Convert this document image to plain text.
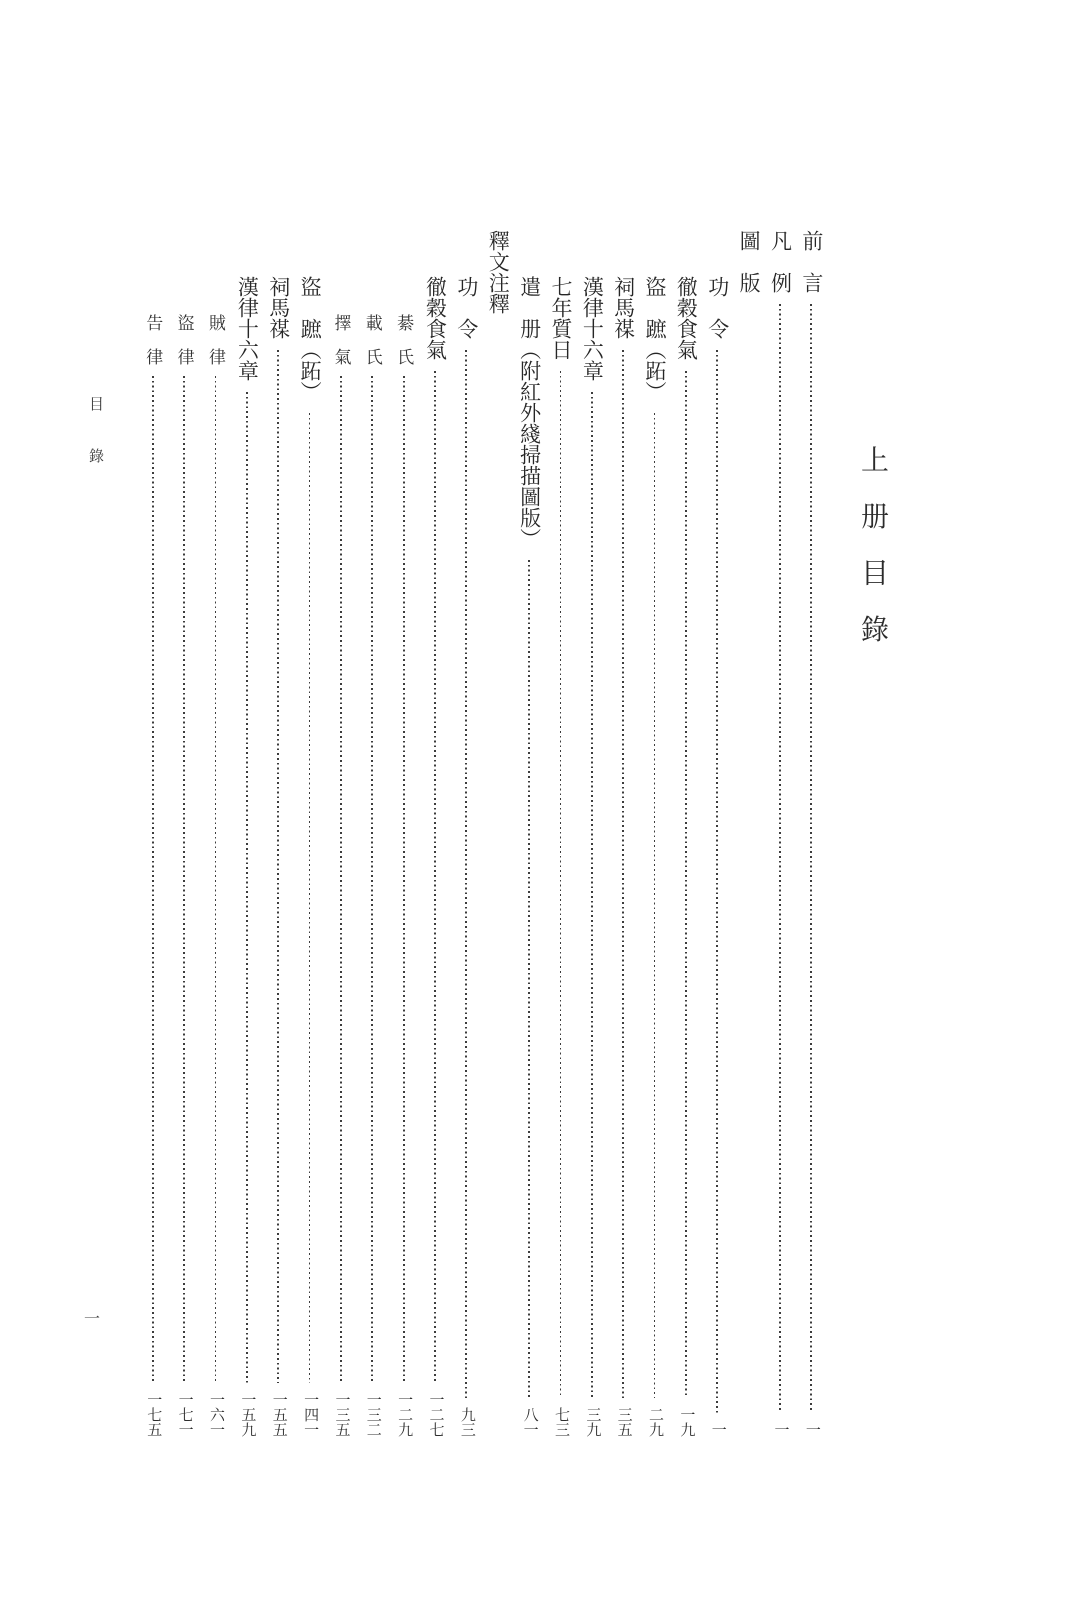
上册目錄
目錄
一
前　言
一
凡　例
一
圖　版
功　令
一
徹穀食氣
一九
盜　蹠（跖）
二九
祠馬禖
三五
漢律十六章
三九
七年質日
七三
遣　册（附紅外綫掃描圖版）
八一
釋文注釋
功　令
九三
徹穀食氣
一二七
綦　氏
一二九
載　氏
一三二
擇　氣
一三五
盜　蹠（跖）
一四一
祠馬禖
一五五
漢律十六章
一五九
賊　律
一六一
盜　律
一七一
告　律
一七五
